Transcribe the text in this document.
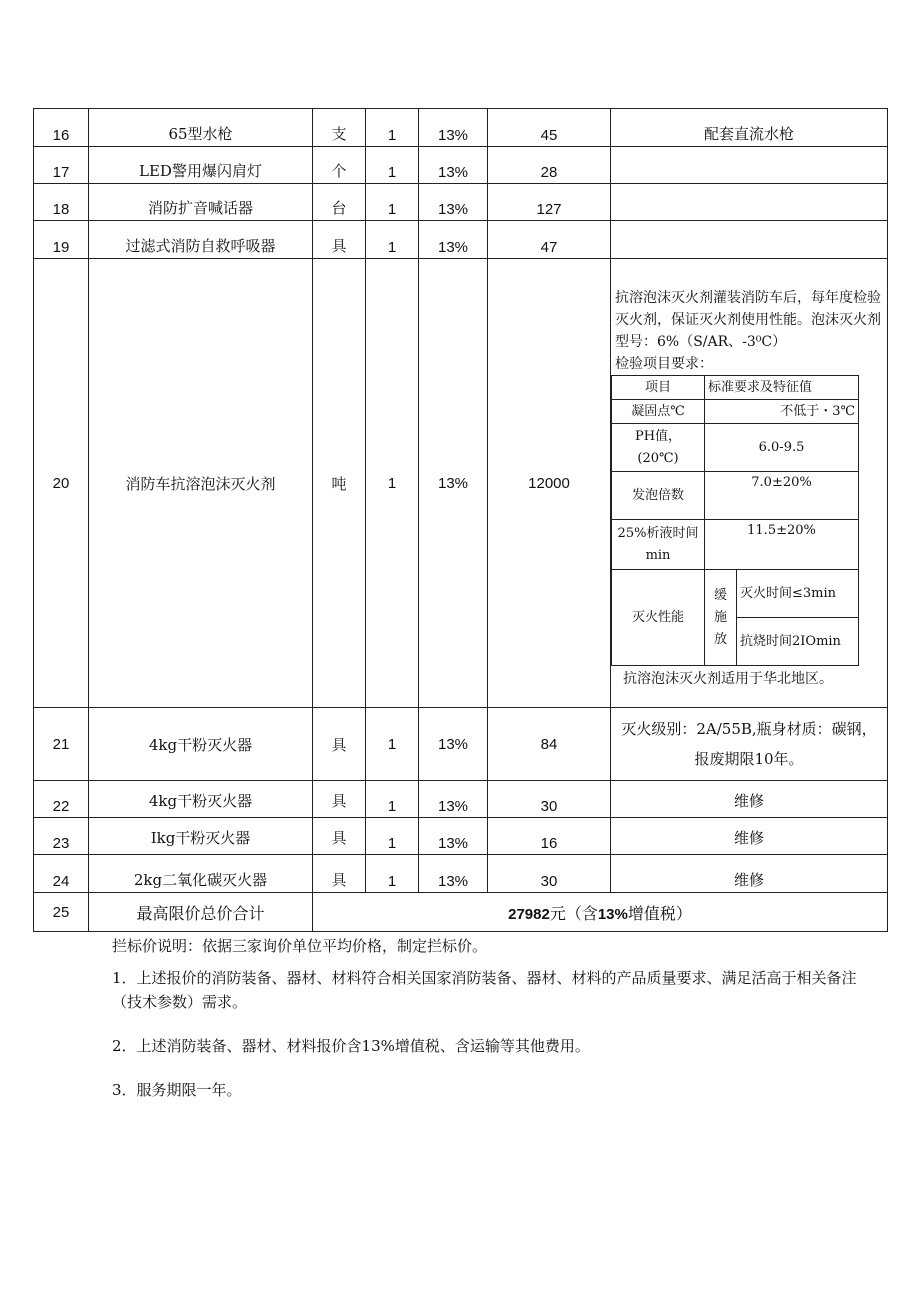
16	65型水枪	支	1	13%	45	配套直流水枪
17	LED警用爆闪肩灯	个	1	13%	28	
18	消防扩音喊话器	台	1	13%	127	
19	过滤式消防自救呼吸器	具	1	13%	47	
20	消防车抗溶泡沫灭火剂	吨	1	13%	12000	
抗溶泡沫灭火剂灌装消防车后，每年度检验灭火剂，保证灭火剂使用性能。泡沫灭火剂型号：6%（S/AR、-3⁰C）
检验项目要求：
项目	标准要求及特征值
凝固点℃	不低于・3℃
PH值，(20℃)	6.0-9.5
发泡倍数	7.0±20%
25%析液时间min	11.5±20%
灭火性能	缓施放	灭火时间≤3min
抗烧时间2IOmin
抗溶泡沫灭火剂适用于华北地区。

21	4kg干粉灭火器	具	1	13%	84	灭火级别：2A/55B,瓶身材质：碳钢，报废期限10年。
22	4kg干粉灭火器	具	1	13%	30	维修
23	Ikg干粉灭火器	具	1	13%	16	维修
24	2kg二氧化碳灭火器	具	1	13%	30	维修
25	最高限价总价合计	27982元（含13%增值税）

拦标价说明：依据三家询价单位平均价格，制定拦标价。

1．上述报价的消防装备、器材、材料符合相关国家消防装备、器材、材料的产品质量要求、满足活高于相关备注（技术参数）需求。

2．上述消防装备、器材、材料报价含13%增值税、含运输等其他费用。

3．服务期限一年。
